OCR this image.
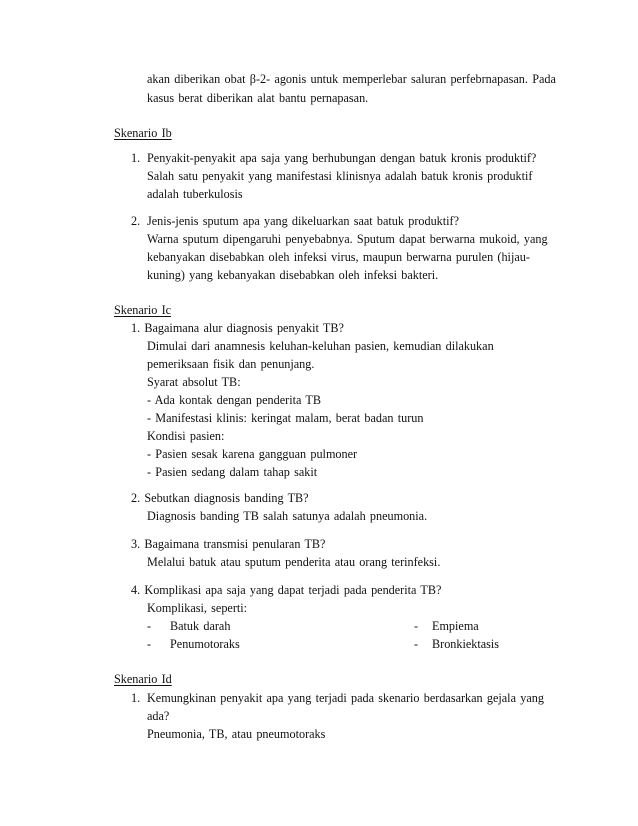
akan diberikan obat β-2- agonis untuk memperlebar saluran perfebrnapasan. Pada
kasus berat diberikan alat bantu pernapasan.
Skenario Ib
1. Penyakit-penyakit apa saja yang berhubungan dengan batuk kronis produktif?
Salah satu penyakit yang manifestasi klinisnya adalah batuk kronis produktif
adalah tuberkulosis
2. Jenis-jenis sputum apa yang dikeluarkan saat batuk produktif?
Warna sputum dipengaruhi penyebabnya. Sputum dapat berwarna mukoid, yang
kebanyakan disebabkan oleh infeksi virus, maupun berwarna purulen (hijau-
kuning) yang kebanyakan disebabkan oleh infeksi bakteri.
Skenario Ic
1. Bagaimana alur diagnosis penyakit TB?
Dimulai dari anamnesis keluhan-keluhan pasien, kemudian dilakukan
pemeriksaan fisik dan penunjang.
Syarat absolut TB:
- Ada kontak dengan penderita TB
- Manifestasi klinis: keringat malam, berat badan turun
Kondisi pasien:
- Pasien sesak karena gangguan pulmoner
- Pasien sedang dalam tahap sakit
2. Sebutkan diagnosis banding TB?
Diagnosis banding TB salah satunya adalah pneumonia.
3. Bagaimana transmisi penularan TB?
Melalui batuk atau sputum penderita atau orang terinfeksi.
4. Komplikasi apa saja yang dapat terjadi pada penderita TB?
Komplikasi, seperti:
- Batuk darah	- Empiema
- Penumotoraks	- Bronkiektasis
Skenario Id
1. Kemungkinan penyakit apa yang terjadi pada skenario berdasarkan gejala yang
ada?
Pneumonia, TB, atau pneumotoraks
